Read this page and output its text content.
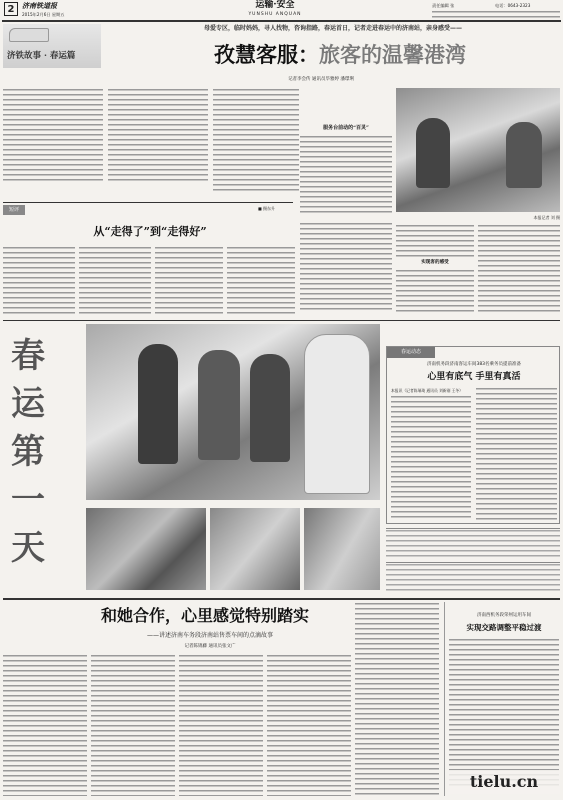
2	济南铁道报
2015年2月6日 星期五
运输·安全
YUNSHU ANQUAN
责任编辑 张	电话：0643-2323
济铁故事 · 春运篇
母爱专区，临时妈妈，寻人找物，咨询指路，春运首日，记者走进春运中的济南站，亲身感受——
孜慧客服：旅客的温馨港湾
记者李会传 通讯员毕雅婷 潘璟琍
服务台前动的“百灵”
本报记者 刘 摄
实现客的感受
■ 摄东升
短评
从“走得了”到“走得好”
春
运
第
一
天
春运动态
济南机务段济南客运车间383名乘务员提前准备
心里有底气 手里有真活
本报讯（记者陈瑞琦 通讯员 刘新刚 王冬）
和她合作，心里感觉特别踏实
——讲述济南车务段济南站售票车间的点滴故事
记者陈锦藤 通讯员张文广
济南西机务段荣州运用车间
实现交路调整平稳过渡
tielu.cn
